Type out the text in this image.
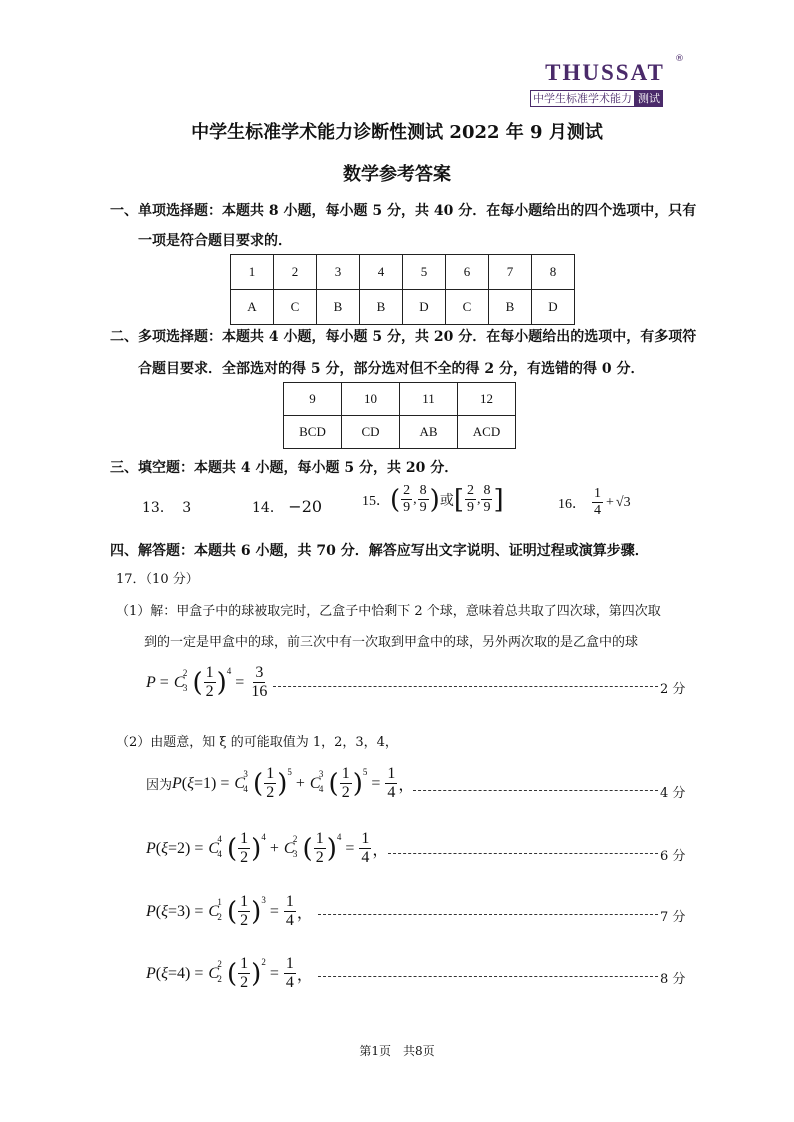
THUSSAT
®
中学生标准学术能力 测试
中学生标准学术能力诊断性测试 2022 年 9 月测试
数学参考答案
一、单项选择题：本题共 8 小题，每小题 5 分，共 40 分．在每小题给出的四个选项中，只有
一项是符合题目要求的．
1	2	3	4	5	6	7	8
A	C	B	B	D	C	B	D
二、多项选择题：本题共 4 小题，每小题 5 分，共 20 分．在每小题给出的选项中，有多项符
合题目要求．全部选对的得 5 分，部分选对但不全的得 2 分，有选错的得 0 分．
9	10	11	12
BCD	CD	AB	ACD
三、填空题：本题共 4 小题，每小题 5 分，共 20 分．
13． 3	14． −20	15． ( $\frac{2}{9}$ , $\frac{8}{9}$ ) 或 [ $\frac{2}{9}$ , $\frac{8}{9}$ ]	16． $\frac{1}{4} + √3$
四、解答题：本题共 6 小题，共 70 分．解答应写出文字说明、证明过程或演算步骤．
17．（10 分）
（1）解：甲盒子中的球被取完时，乙盒子中恰剩下 2 个球，意味着总共取了四次球，第四次取
到的一定是甲盒中的球，前三次中有一次取到甲盒中的球，另外两次取的是乙盒中的球
P = C
2
3
( $\frac{1}{2}$ ) 4
= $\frac{3}{16}$	2 分
（2）由题意，知 ξ 的可能取值为 1，2，3，4，
因为 P ( ξ =1) = C
3
4
( $\frac{1}{2}$ ) 5
+ C
3
4
( $\frac{1}{2}$ ) 5
= $\frac{1}{4}$ ，	4 分
P ( ξ =2) = C
4
4
( $\frac{1}{2}$ ) 4
+ C
2
3
( $\frac{1}{2}$ ) 4
= $\frac{1}{4}$ ，	6 分
P ( ξ =3) = C
1
2
( $\frac{1}{2}$ ) 3
= $\frac{1}{4}$ ，	7 分
P ( ξ =4) = C
2
2
( $\frac{1}{2}$ ) 2
= $\frac{1}{4}$ ，	8 分
第1页　共8页
